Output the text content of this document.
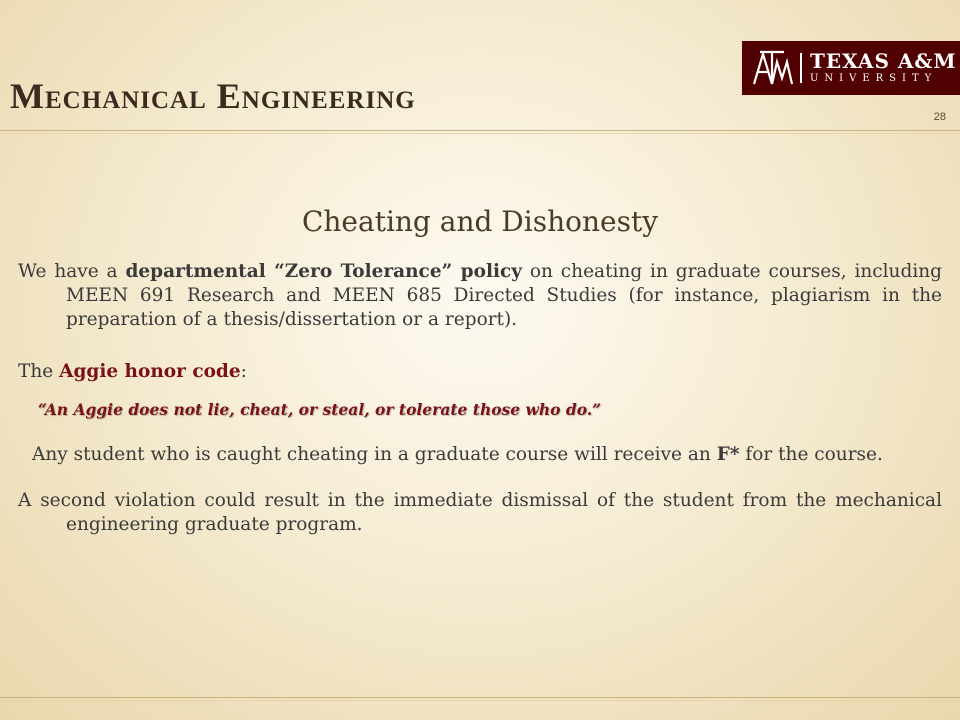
TEXAS A&M
UNIVERSITY
Mechanical Engineering
28
Cheating and Dishonesty

We have a departmental “Zero Tolerance” policy on cheating in graduate courses, including MEEN 691 Research and MEEN 685 Directed Studies (for instance, plagiarism in the preparation of a thesis/dissertation or a report).

The Aggie honor code:

“An Aggie does not lie, cheat, or steal, or tolerate those who do.”

Any student who is caught cheating in a graduate course will receive an F* for the course.

A second violation could result in the immediate dismissal of the student from the mechanical engineering graduate program.
